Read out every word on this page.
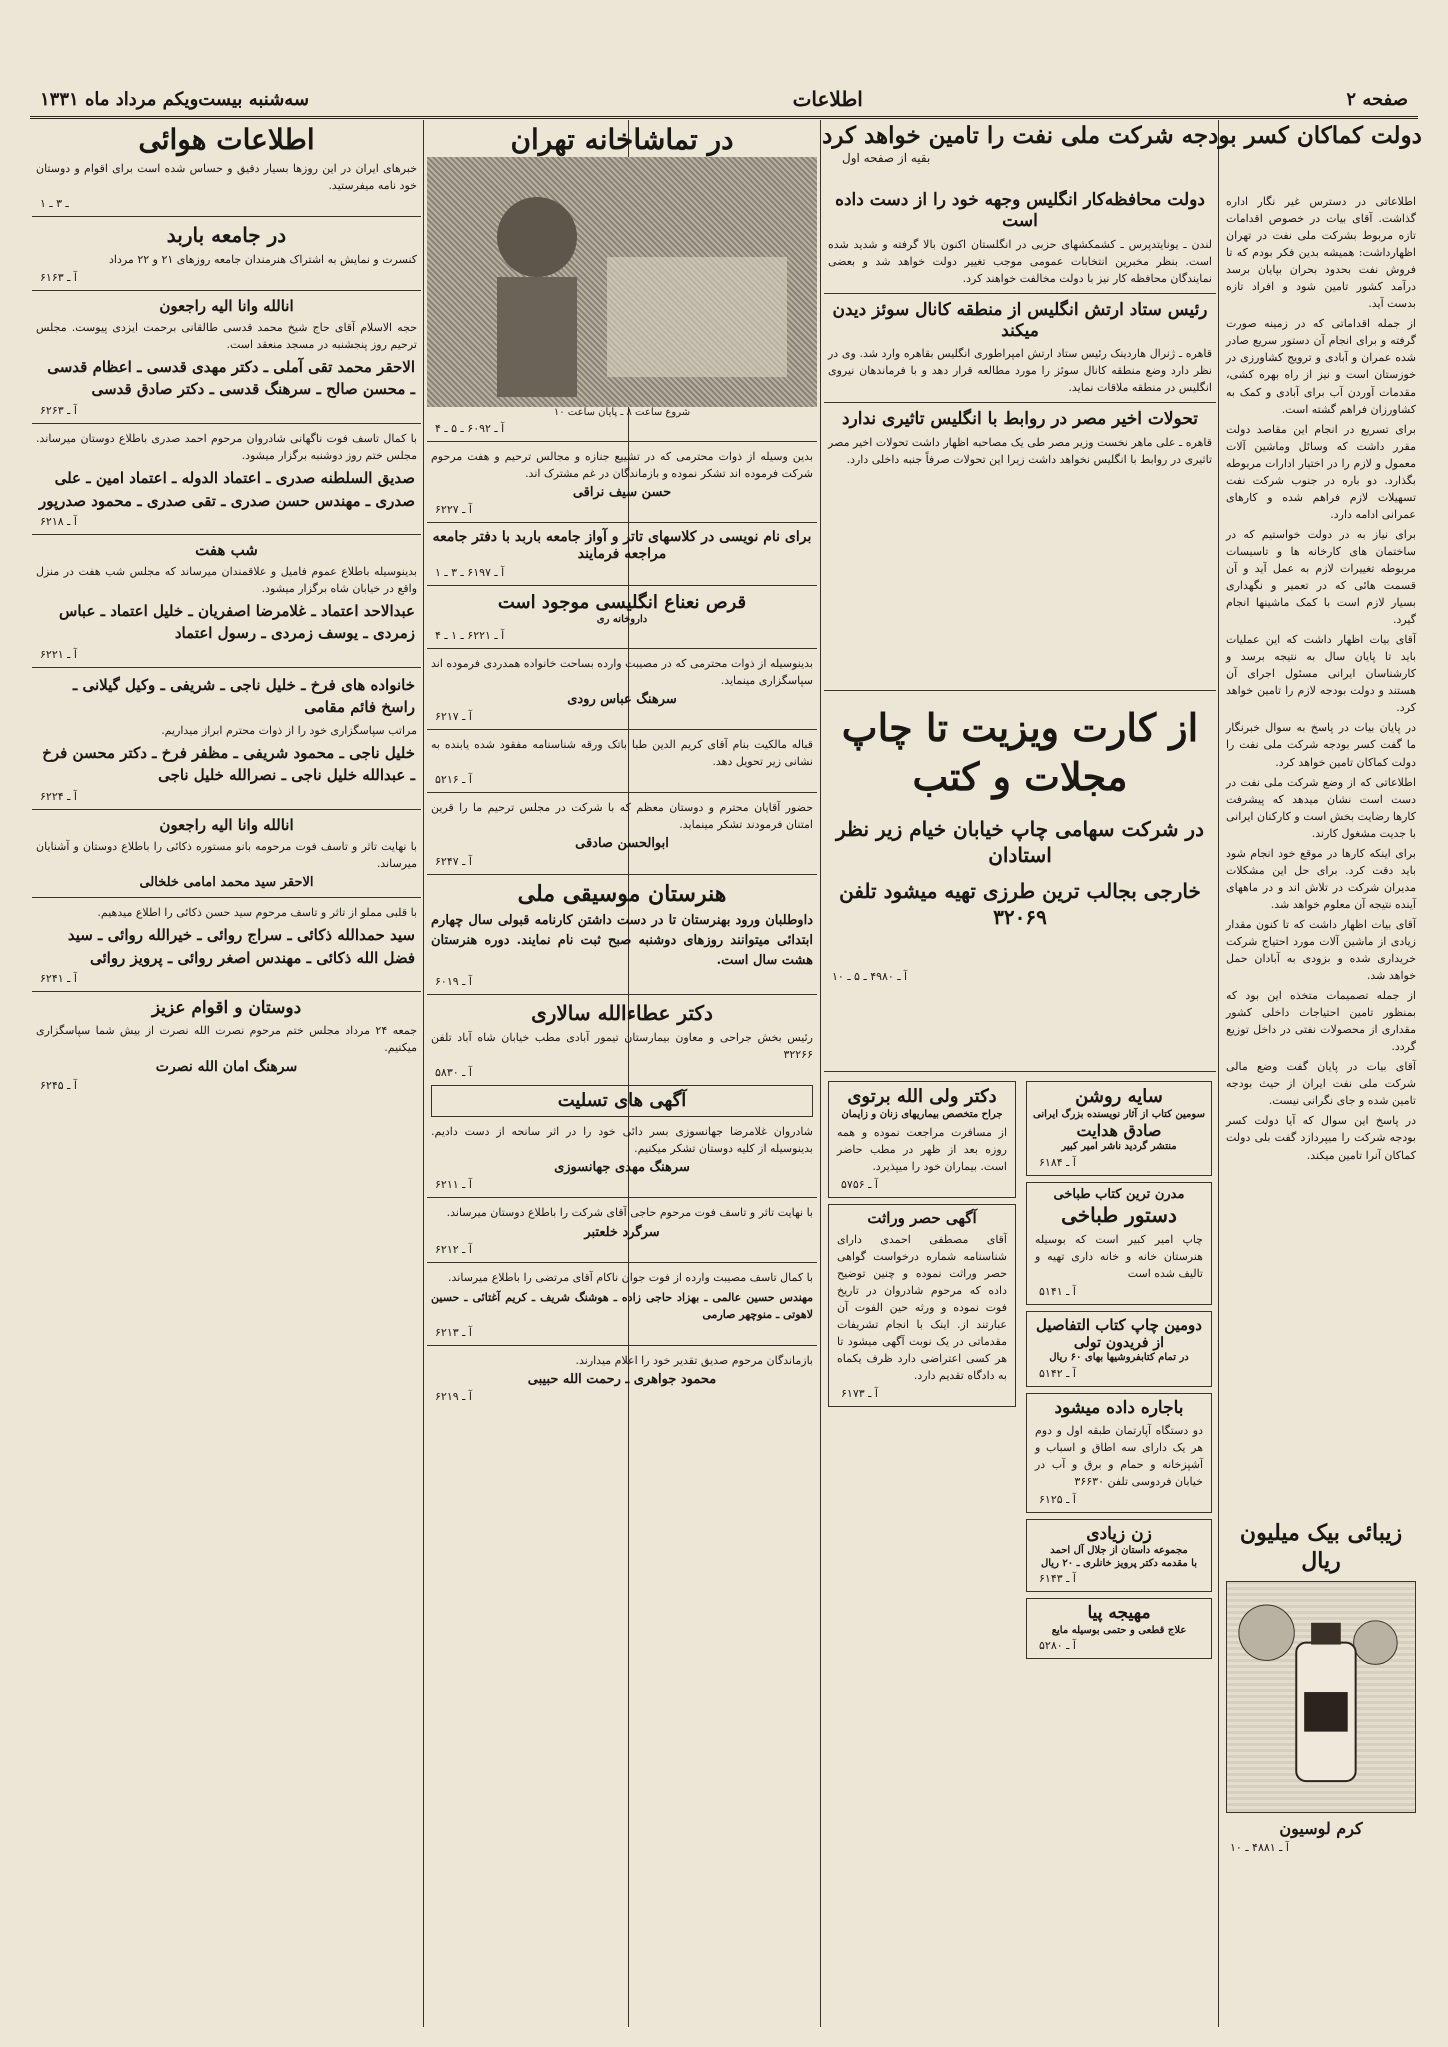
صفحه ۲
اطلاعات
سه‌شنبه بیست‌ویکم مرداد ماه ۱۳۳۱
دولت کماکان کسر بودجه شرکت ملی نفت را تامین خواهد کرد
بقیه از صفحه اول
اطلاعاتی در دسترس غیر نگار اداره گذاشت. آقای بیات در خصوص اقدامات تازه مربوط بشرکت ملی نفت در تهران اظهارداشت: همیشه بدین فکر بودم که تا فروش نفت بحدود بحران بپایان برسد درآمد کشور تامین شود و افراد تازه بدست آید.
از جمله اقداماتی که در زمینه صورت گرفته و برای انجام آن دستور سریع صادر شده عمران و آبادی و ترویج کشاورزی در خوزستان است و نیز از راه بهره کشی، مقدمات آوردن آب برای آبادی و کمک به کشاورزان فراهم گشته است.
برای تسریع در انجام این مقاصد دولت مقرر داشت که وسائل وماشین آلات معمول و لازم را در اختیار ادارات مربوطه بگذارد. دو باره در جنوب شرکت نفت تسهیلات لازم فراهم شده و کارهای عمرانی ادامه دارد.
برای نیاز به در دولت خواستیم که در ساختمان های کارخانه ها و تاسیسات مربوطه تغییرات لازم به عمل آید و آن قسمت هائی که در تعمیر و نگهداری بسیار لازم است با کمک ماشینها انجام گیرد.
آقای بیات اظهار داشت که این عملیات باید تا پایان سال به نتیجه برسد و کارشناسان ایرانی مسئول اجرای آن هستند و دولت بودجه لازم را تامین خواهد کرد.
در پایان بیات در پاسخ به سوال خبرنگار ما گفت کسر بودجه شرکت ملی نفت را دولت کماکان تامین خواهد کرد.
اطلاعاتی که از وضع شرکت ملی نفت در دست است نشان میدهد که پیشرفت کارها رضایت بخش است و کارکنان ایرانی با جدیت مشغول کارند.
برای اینکه کارها در موقع خود انجام شود باید دقت کرد. برای حل این مشکلات مدیران شرکت در تلاش اند و در ماههای آینده نتیجه آن معلوم خواهد شد.
آقای بیات اظهار داشت که تا کنون مقدار زیادی از ماشین آلات مورد احتیاج شرکت خریداری شده و بزودی به آبادان حمل خواهد شد.
از جمله تصمیمات متخذه این بود که بمنظور تامین احتیاجات داخلی کشور مقداری از محصولات نفتی در داخل توزیع گردد.
آقای بیات در پایان گفت وضع مالی شرکت ملی نفت ایران از حیث بودجه تامین شده و جای نگرانی نیست.
در پاسخ این سوال که آیا دولت کسر بودجه شرکت را میپردازد گفت بلی دولت کماکان آنرا تامین میکند.
زیبائی بیک میلیون ریال
کرم لوسیون
آ ـ ۴۸۸۱ ـ ۱۰
دولت محافظه‌کار انگلیس وجهه خود را از دست داده است
لندن ـ یونایتدپرس ـ کشمکشهای حزبی در انگلستان اکنون بالا گرفته و شدید شده است. بنظر مخبرین انتخابات عمومی موجب تغییر دولت خواهد شد و بعضی نمایندگان محافظه کار نیز با دولت مخالفت خواهند کرد.
رئیس ستاد ارتش انگلیس از منطقه کانال سوئز دیدن میکند
قاهره ـ ژنرال هاردینک رئیس ستاد ارتش امپراطوری انگلیس بقاهره وارد شد. وی در نظر دارد وضع منطقه کانال سوئز را مورد مطالعه قرار دهد و با فرماندهان نیروی انگلیس در منطقه ملاقات نماید.
تحولات اخیر مصر در روابط با انگلیس تاثیری ندارد
قاهره ـ علی ماهر نخست وزیر مصر طی یک مصاحبه اظهار داشت تحولات اخیر مصر تاثیری در روابط با انگلیس نخواهد داشت زیرا این تحولات صرفاً جنبه داخلی دارد.
از کارت ویزیت تا چاپ مجلات و کتب
در شرکت سهامی چاپ خیابان خیام زیر نظر استادان
خارجی بجالب ترین طرزی تهیه میشود تلفن ۳۲۰۶۹
آ ـ ۴۹۸۰ ـ ۵ ـ ۱۰
دکتر ولی الله برتوی
جراح متخصص بیماریهای زنان و زایمان
از مسافرت مراجعت نموده و همه روزه بعد از ظهر در مطب حاضر است. بیماران خود را میپذیرد.
آ ـ ۵۷۵۶
آگهی حصر وراثت
آقای مصطفی احمدی دارای شناسنامه شماره درخواست گواهی حصر وراثت نموده و چنین توضیح داده که مرحوم شادروان در تاریخ فوت نموده و ورثه حین الفوت آن عبارتند از. اینک با انجام تشریفات مقدماتی در یک نوبت آگهی میشود تا هر کسی اعتراضی دارد ظرف یکماه به دادگاه تقدیم دارد.
آ ـ ۶۱۷۳
سایه روشن
سومین کتاب از آثار نویسنده بزرگ ایرانی
صادق هدایت
منتشر گردید ناشر امیر کبیر
آ ـ ۶۱۸۴
مدرن ترین کتاب طباخی
دستور طباخی
چاپ امیر کبیر است که بوسیله هنرستان خانه و خانه داری تهیه و تالیف شده است
آ ـ ۵۱۴۱
دومین چاپ کتاب التفاصیل
از فریدون تولی
در تمام کتابفروشیها بهای ۶۰ ریال
آ ـ ۵۱۴۲
باجاره داده میشود
دو دستگاه آپارتمان طبقه اول و دوم هر یک دارای سه اطاق و اسباب و آشپزخانه و حمام و برق و آب در خیابان فردوسی تلفن ۳۶۶۳۰
آ ـ ۶۱۲۵
زن زیادی
مجموعه داستان از جلال آل احمد
با مقدمه دکتر پرویز خانلری ـ ۲۰ ریال
آ ـ ۶۱۴۳
مهیجه پیا
علاج قطعی و حتمی بوسیله مایع
آ ـ ۵۲۸۰
در تماشاخانه تهران
شروع ساعت ۸ ـ پایان ساعت ۱۰
آ ـ ۶۰۹۲ ـ ۵ ـ ۴
بدین وسیله از ذوات محترمی که در تشییع جنازه و مجالس ترحیم و هفت مرحوم شرکت فرموده اند تشکر نموده و بازماندگان در غم مشترک اند.
حسن سیف نراقی
آ ـ ۶۲۲۷
برای نام نویسی در کلاسهای تاتر و آواز جامعه باربد با دفتر جامعه مراجعه فرمایند
آ ـ ۶۱۹۷ ـ ۳ ـ ۱
قرص نعناع انگلیسی موجود است
داروخانه ری
آ ـ ۶۲۲۱ ـ ۱ ـ ۴
بدینوسیله از ذوات محترمی که در مصیبت وارده بساحت خانواده همدردی فرموده اند سپاسگزاری مینماید.
سرهنگ عباس رودی
آ ـ ۶۲۱۷
قباله مالکیت بنام آقای کریم الدین طبا باتک ورقه شناسنامه مفقود شده یابنده به نشانی زیر تحویل دهد.
آ ـ ۵۲۱۶
حضور آقایان محترم و دوستان معظم که با شرکت در مجلس ترحیم ما را قرین امتنان فرمودند تشکر مینماید.
ابوالحسن صادقی
آ ـ ۶۲۴۷
هنرستان موسیقی ملی
داوطلبان ورود بهنرستان تا در دست داشتن کارنامه قبولی سال چهارم ابتدائی میتوانند روزهای دوشنبه صبح ثبت نام نمایند. دوره هنرستان هشت سال است.
آ ـ ۶۰۱۹
دکتر عطاءالله سالاری
رئیس بخش جراحی و معاون بیمارستان تیمور آبادی مطب خیابان شاه آباد تلفن ۳۲۲۶۶
آ ـ ۵۸۳۰
آگهی های تسلیت
شادروان غلامرضا جهانسوزی بسر دائی خود را در اثر سانحه از دست دادیم. بدینوسیله از کلیه دوستان تشکر میکنیم.
سرهنگ مهدی جهانسوزی
آ ـ ۶۲۱۱
با نهایت تاثر و تاسف فوت مرحوم حاجی آقای شرکت را باطلاع دوستان میرساند.
سرگرد خلعتبر
آ ـ ۶۲۱۲
با کمال تاسف مصیبت وارده از فوت جوان ناکام آقای مرتضی را باطلاع میرساند.
مهندس حسین عالمی ـ بهزاد حاجی زاده ـ هوشنگ شریف ـ کریم آغتائی ـ حسین لاهوتی ـ منوچهر صارمی
آ ـ ۶۲۱۳
بازماندگان مرحوم صدیق تقدیر خود را اعلام میدارند.
محمود جواهری ـ رحمت الله حبیبی
آ ـ ۶۲۱۹
اطلاعات هوائی
خبرهای ایران در این روزها بسیار دقیق و حساس شده است برای اقوام و دوستان خود نامه میفرستید.
ـ ۳ ـ ۱
در جامعه باربد
کنسرت و نمایش به اشتراک هنرمندان جامعه روزهای ۲۱ و ۲۲ مرداد
آ ـ ۶۱۶۳
انالله وانا الیه راجعون
حجه الاسلام آقای حاج شیخ محمد قدسی طالقانی برحمت ایزدی پیوست. مجلس ترحیم روز پنجشنبه در مسجد منعقد است.
الاحقر محمد تقی آملی ـ دکتر مهدی قدسی ـ اعظام قدسی ـ محسن صالح ـ سرهنگ قدسی ـ دکتر صادق قدسی
آ ـ ۶۲۶۳
با کمال تاسف فوت ناگهانی شادروان مرحوم احمد صدری باطلاع دوستان میرساند. مجلس ختم روز دوشنبه برگزار میشود.
صدیق السلطنه صدری ـ اعتماد الدوله ـ اعتماد امین ـ علی صدری ـ مهندس حسن صدری ـ تقی صدری ـ محمود صدرپور
آ ـ ۶۲۱۸
شب هفت
بدینوسیله باطلاع عموم فامیل و علاقمندان میرساند که مجلس شب هفت در منزل واقع در خیابان شاه برگزار میشود.
عبدالاحد اعتماد ـ غلامرضا اصفریان ـ خلیل اعتماد ـ عباس زمردی ـ یوسف زمردی ـ رسول اعتماد
آ ـ ۶۲۲۱
خانواده های فرخ ـ خلیل ناجی ـ شریفی ـ وکیل گیلانی ـ راسخ فائم مقامی
مراتب سپاسگزاری خود را از ذوات محترم ابراز میداریم.
خلیل ناجی ـ محمود شریفی ـ مظفر فرخ ـ دکتر محسن فرخ ـ عبدالله خلیل ناجی ـ نصرالله خلیل ناجی
آ ـ ۶۲۲۴
انالله وانا الیه راجعون
با نهایت تاثر و تاسف فوت مرحومه بانو مستوره ذکائی را باطلاع دوستان و آشنایان میرساند.
الاحقر سید محمد امامی خلخالی
با قلبی مملو از تاثر و تاسف مرحوم سید حسن ذکائی را اطلاع میدهیم.
سید حمدالله ذکائی ـ سراج روائی ـ خیرالله روائی ـ سید فضل الله ذکائی ـ مهندس اصغر روائی ـ پرویز روائی
آ ـ ۶۲۴۱
دوستان و اقوام عزیز
جمعه ۲۴ مرداد مجلس ختم مرحوم نصرت الله نصرت از بیش شما سپاسگزاری میکنیم.
سرهنگ امان الله نصرت
آ ـ ۶۲۴۵
